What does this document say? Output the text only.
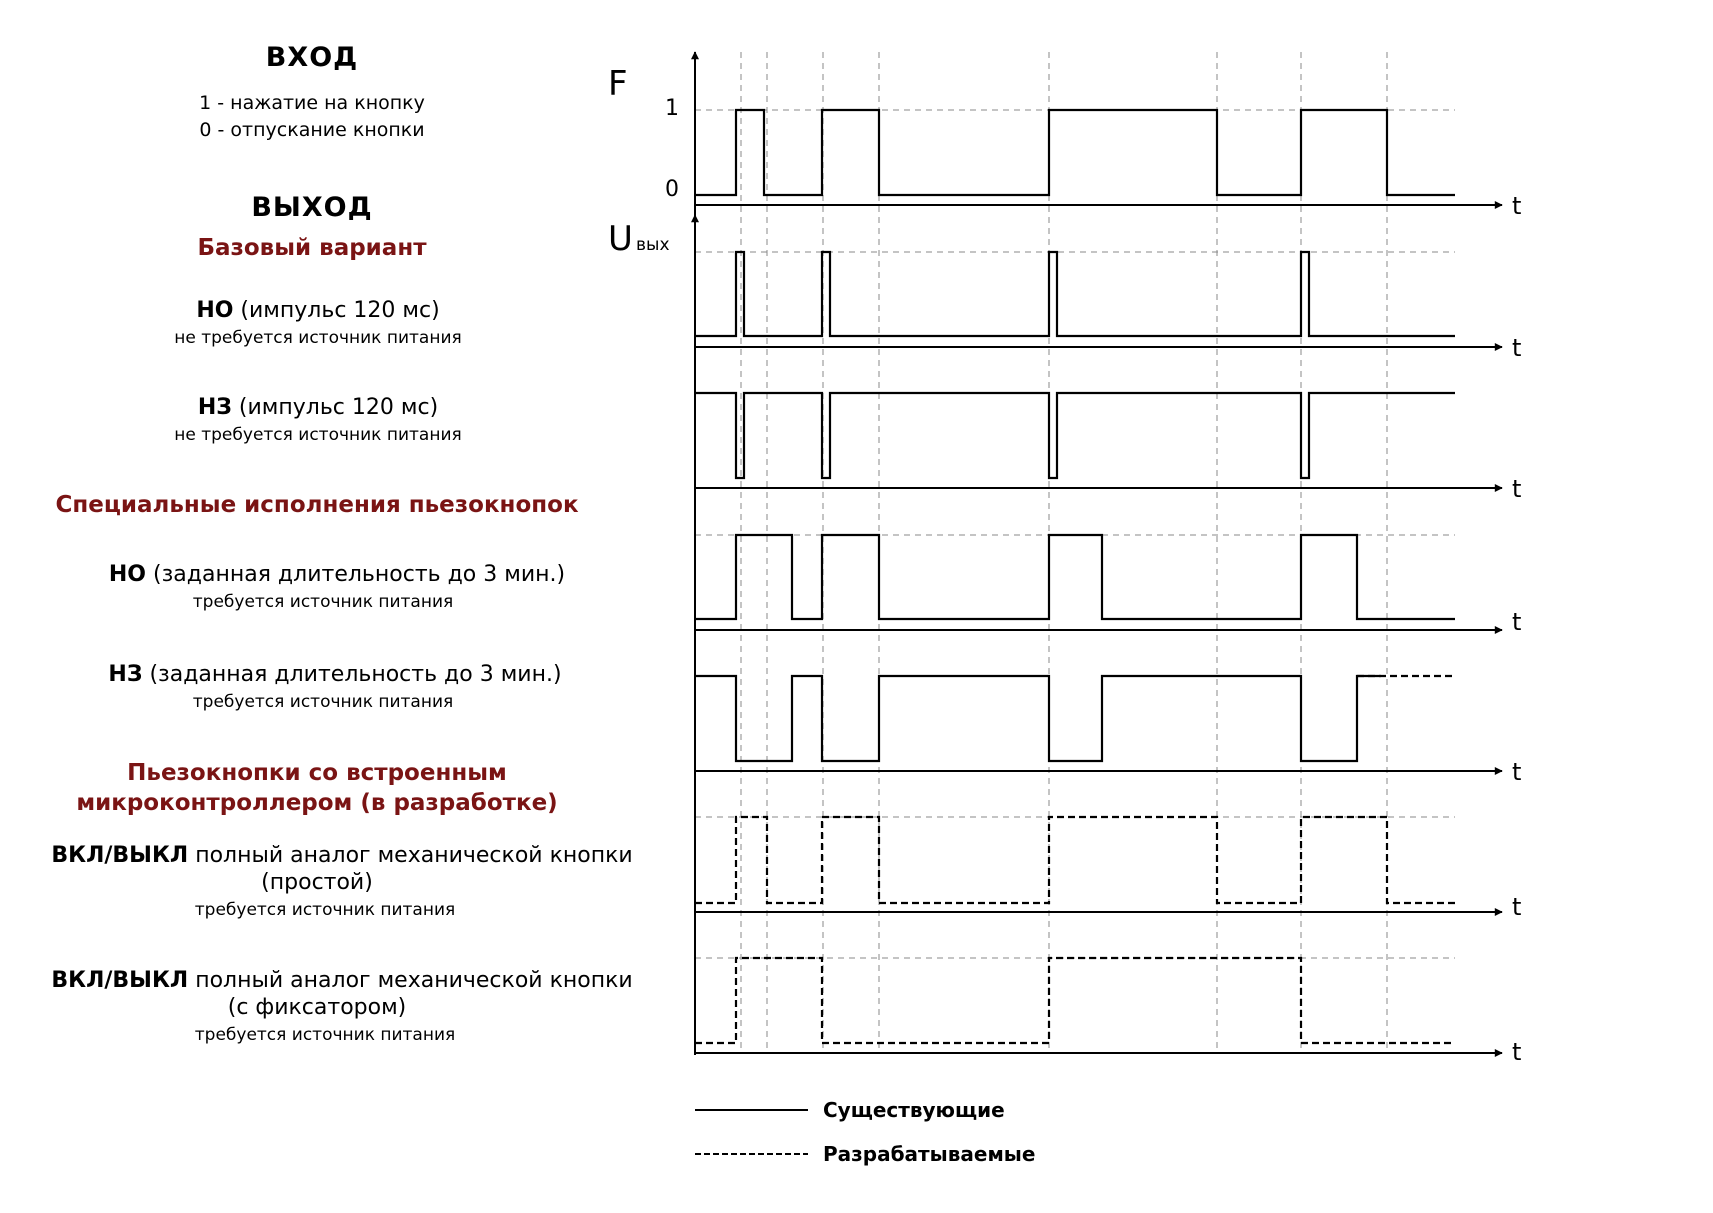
ВХОД
1 - нажатие на кнопку
0 - отпускание кнопки
ВЫХОД
Базовый вариант
НО (импульс 120 мс)
не требуется источник питания
НЗ (импульс 120 мс)
не требуется источник питания
Специальные исполнения пьезокнопок
НО (заданная длительность до 3 мин.)
требуется источник питания
НЗ (заданная длительность до 3 мин.)
требуется источник питания
Пьезокнопки со встроенным
микроконтроллером (в разработке)
ВКЛ/ВЫКЛ полный аналог механической кнопки
(простой)
требуется источник питания
ВКЛ/ВЫКЛ полный аналог механической кнопки
(с фиксатором)
требуется источник питания
F
U вых
1
0
t
t
t
t
t
t
t
Существующие
Разрабатываемые
